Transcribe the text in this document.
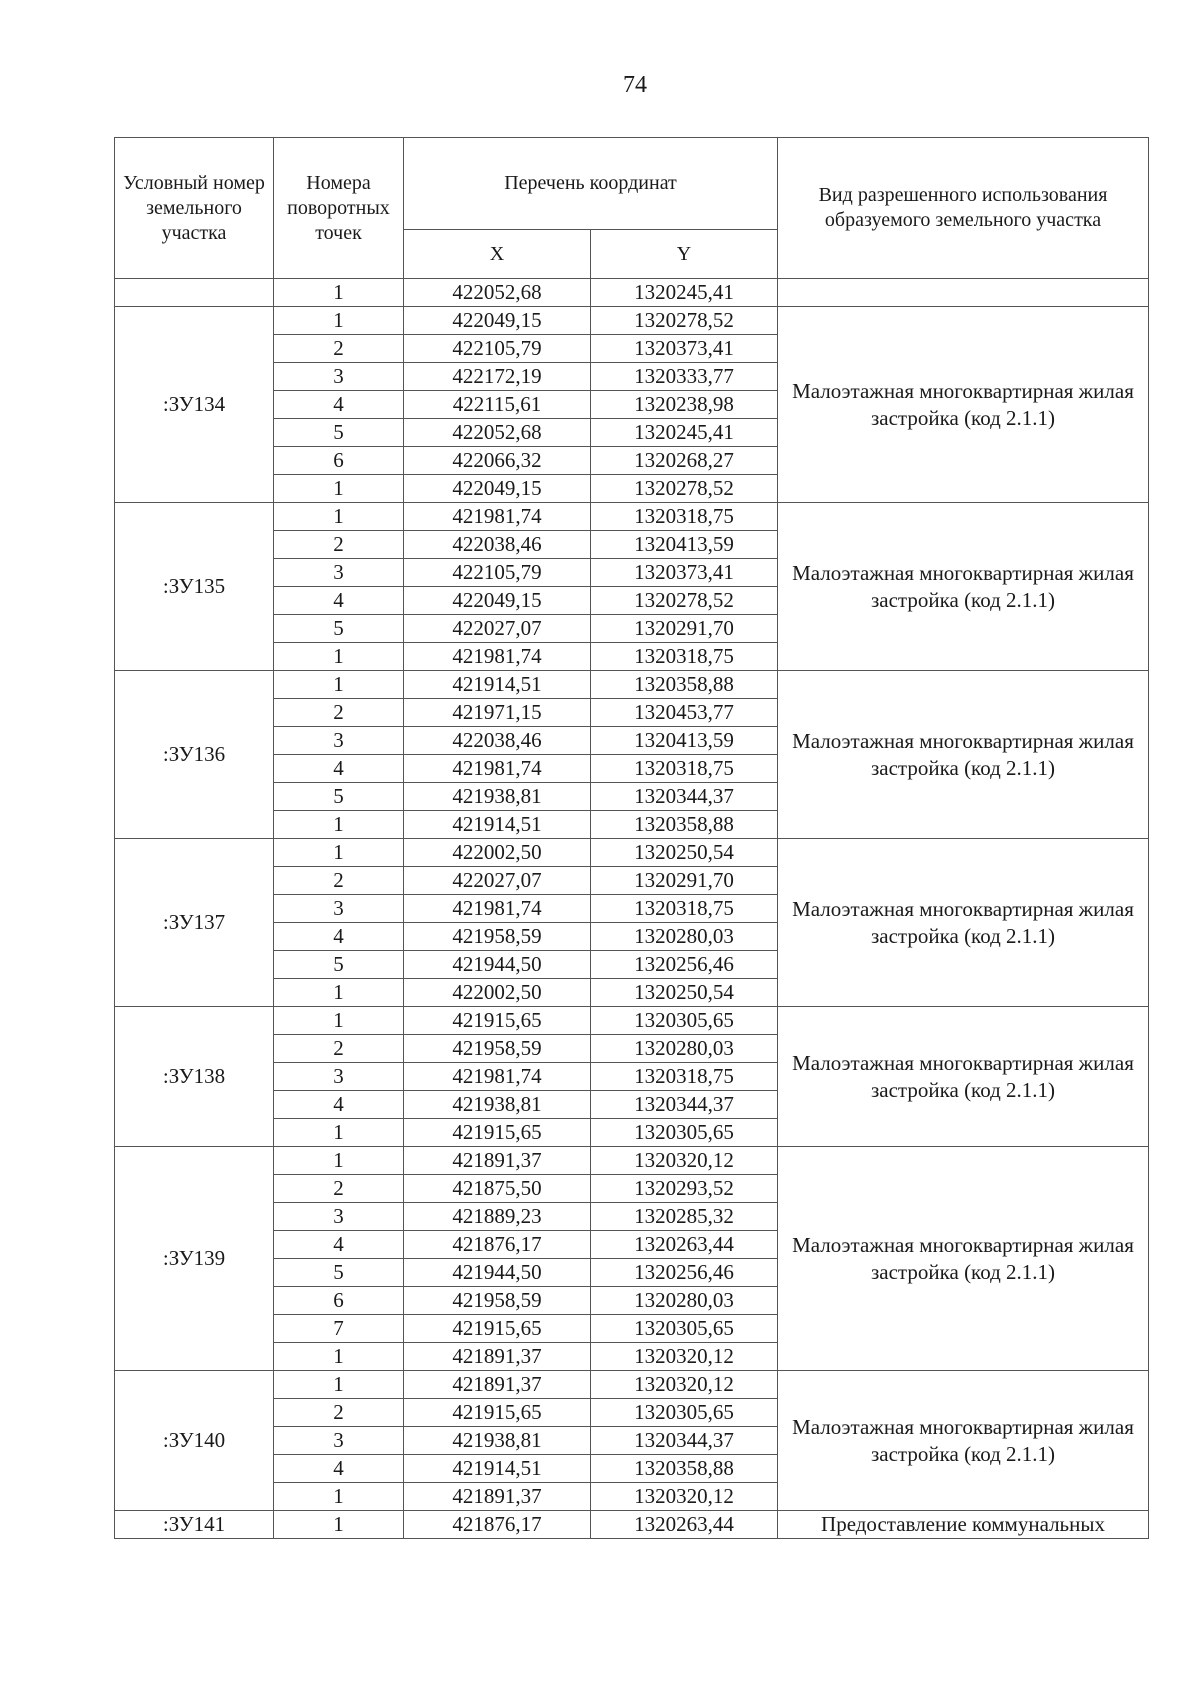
74
Условный номер земельного участка	Номера поворотных точек	Перечень координат		Вид разрешенного использования образуемого земельного участка
		X	Y	
	1	422052,68	1320245,41	
:ЗУ134	1	422049,15	1320278,52	Малоэтажная многоквартирная жилая застройка (код 2.1.1)
	2	422105,79	1320373,41	
	3	422172,19	1320333,77	
	4	422115,61	1320238,98	
	5	422052,68	1320245,41	
	6	422066,32	1320268,27	
	1	422049,15	1320278,52	
:ЗУ135	1	421981,74	1320318,75	Малоэтажная многоквартирная жилая застройка (код 2.1.1)
	2	422038,46	1320413,59	
	3	422105,79	1320373,41	
	4	422049,15	1320278,52	
	5	422027,07	1320291,70	
	1	421981,74	1320318,75	
:ЗУ136	1	421914,51	1320358,88	Малоэтажная многоквартирная жилая застройка (код 2.1.1)
	2	421971,15	1320453,77	
	3	422038,46	1320413,59	
	4	421981,74	1320318,75	
	5	421938,81	1320344,37	
	1	421914,51	1320358,88	
:ЗУ137	1	422002,50	1320250,54	Малоэтажная многоквартирная жилая застройка (код 2.1.1)
	2	422027,07	1320291,70	
	3	421981,74	1320318,75	
	4	421958,59	1320280,03	
	5	421944,50	1320256,46	
	1	422002,50	1320250,54	
:ЗУ138	1	421915,65	1320305,65	Малоэтажная многоквартирная жилая застройка (код 2.1.1)
	2	421958,59	1320280,03	
	3	421981,74	1320318,75	
	4	421938,81	1320344,37	
	1	421915,65	1320305,65	
:ЗУ139	1	421891,37	1320320,12	Малоэтажная многоквартирная жилая застройка (код 2.1.1)
	2	421875,50	1320293,52	
	3	421889,23	1320285,32	
	4	421876,17	1320263,44	
	5	421944,50	1320256,46	
	6	421958,59	1320280,03	
	7	421915,65	1320305,65	
	1	421891,37	1320320,12	
:ЗУ140	1	421891,37	1320320,12	Малоэтажная многоквартирная жилая застройка (код 2.1.1)
	2	421915,65	1320305,65	
	3	421938,81	1320344,37	
	4	421914,51	1320358,88	
	1	421891,37	1320320,12	
:ЗУ141	1	421876,17	1320263,44	Предоставление коммунальных
